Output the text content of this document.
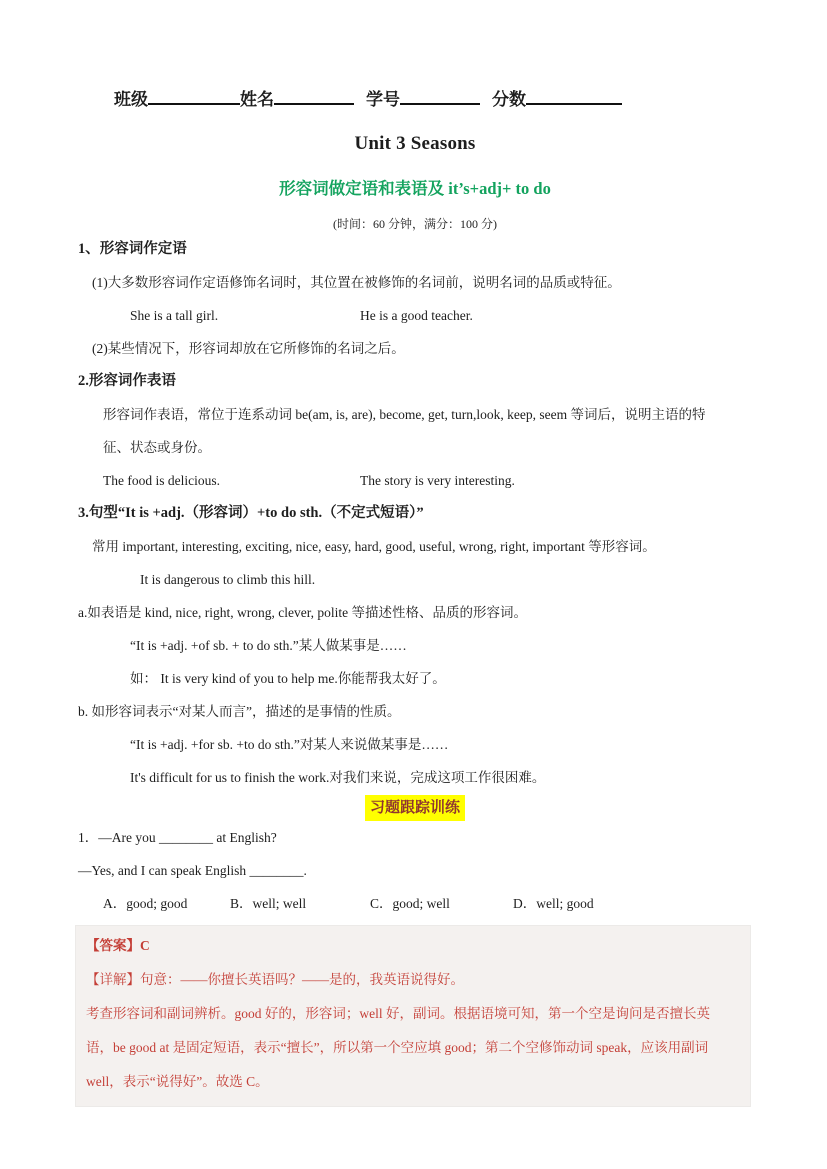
班级	姓名	学号	分数
Unit 3 Seasons
形容词做定语和表语及 it’s+adj+ to do
(时间：60 分钟，满分：100 分)
1、形容词作定语
(1)大多数形容词作定语修饰名词时，其位置在被修饰的名词前，说明名词的品质或特征。
She is a tall girl.	He is a good teacher.
(2)某些情况下，形容词却放在它所修饰的名词之后。
2.形容词作表语
形容词作表语，常位于连系动词 be(am, is, are), become, get, turn,look, keep, seem 等词后，说明主语的特
征、状态或身份。
The food is delicious.	The story is very interesting.
3.句型“It is +adj.（形容词）+to do sth.（不定式短语）”
常用 important, interesting, exciting, nice, easy, hard, good, useful, wrong, right, important 等形容词。
It is dangerous to climb this hill.
a.如表语是 kind, nice, right, wrong, clever, polite 等描述性格、品质的形容词。
“It is +adj. +of sb. + to do sth.”某人做某事是……
如： It is very kind of you to help me.你能帮我太好了。
b. 如形容词表示“对某人而言”，描述的是事情的性质。
“It is +adj. +for sb. +to do sth.”对某人来说做某事是……
It's difficult for us to finish the work.对我们来说，完成这项工作很困难。
习题跟踪训练
1．—Are you ________ at English?
—Yes, and I can speak English ________.
A．good; good	B．well; well	C．good; well	D．well; good
【答案】C
【详解】句意：——你擅长英语吗？——是的，我英语说得好。
考查形容词和副词辨析。good 好的，形容词；well 好，副词。根据语境可知，第一个空是询问是否擅长英
语，be good at 是固定短语，表示“擅长”，所以第一个空应填 good；第二个空修饰动词 speak，应该用副词
well，表示“说得好”。故选 C。
